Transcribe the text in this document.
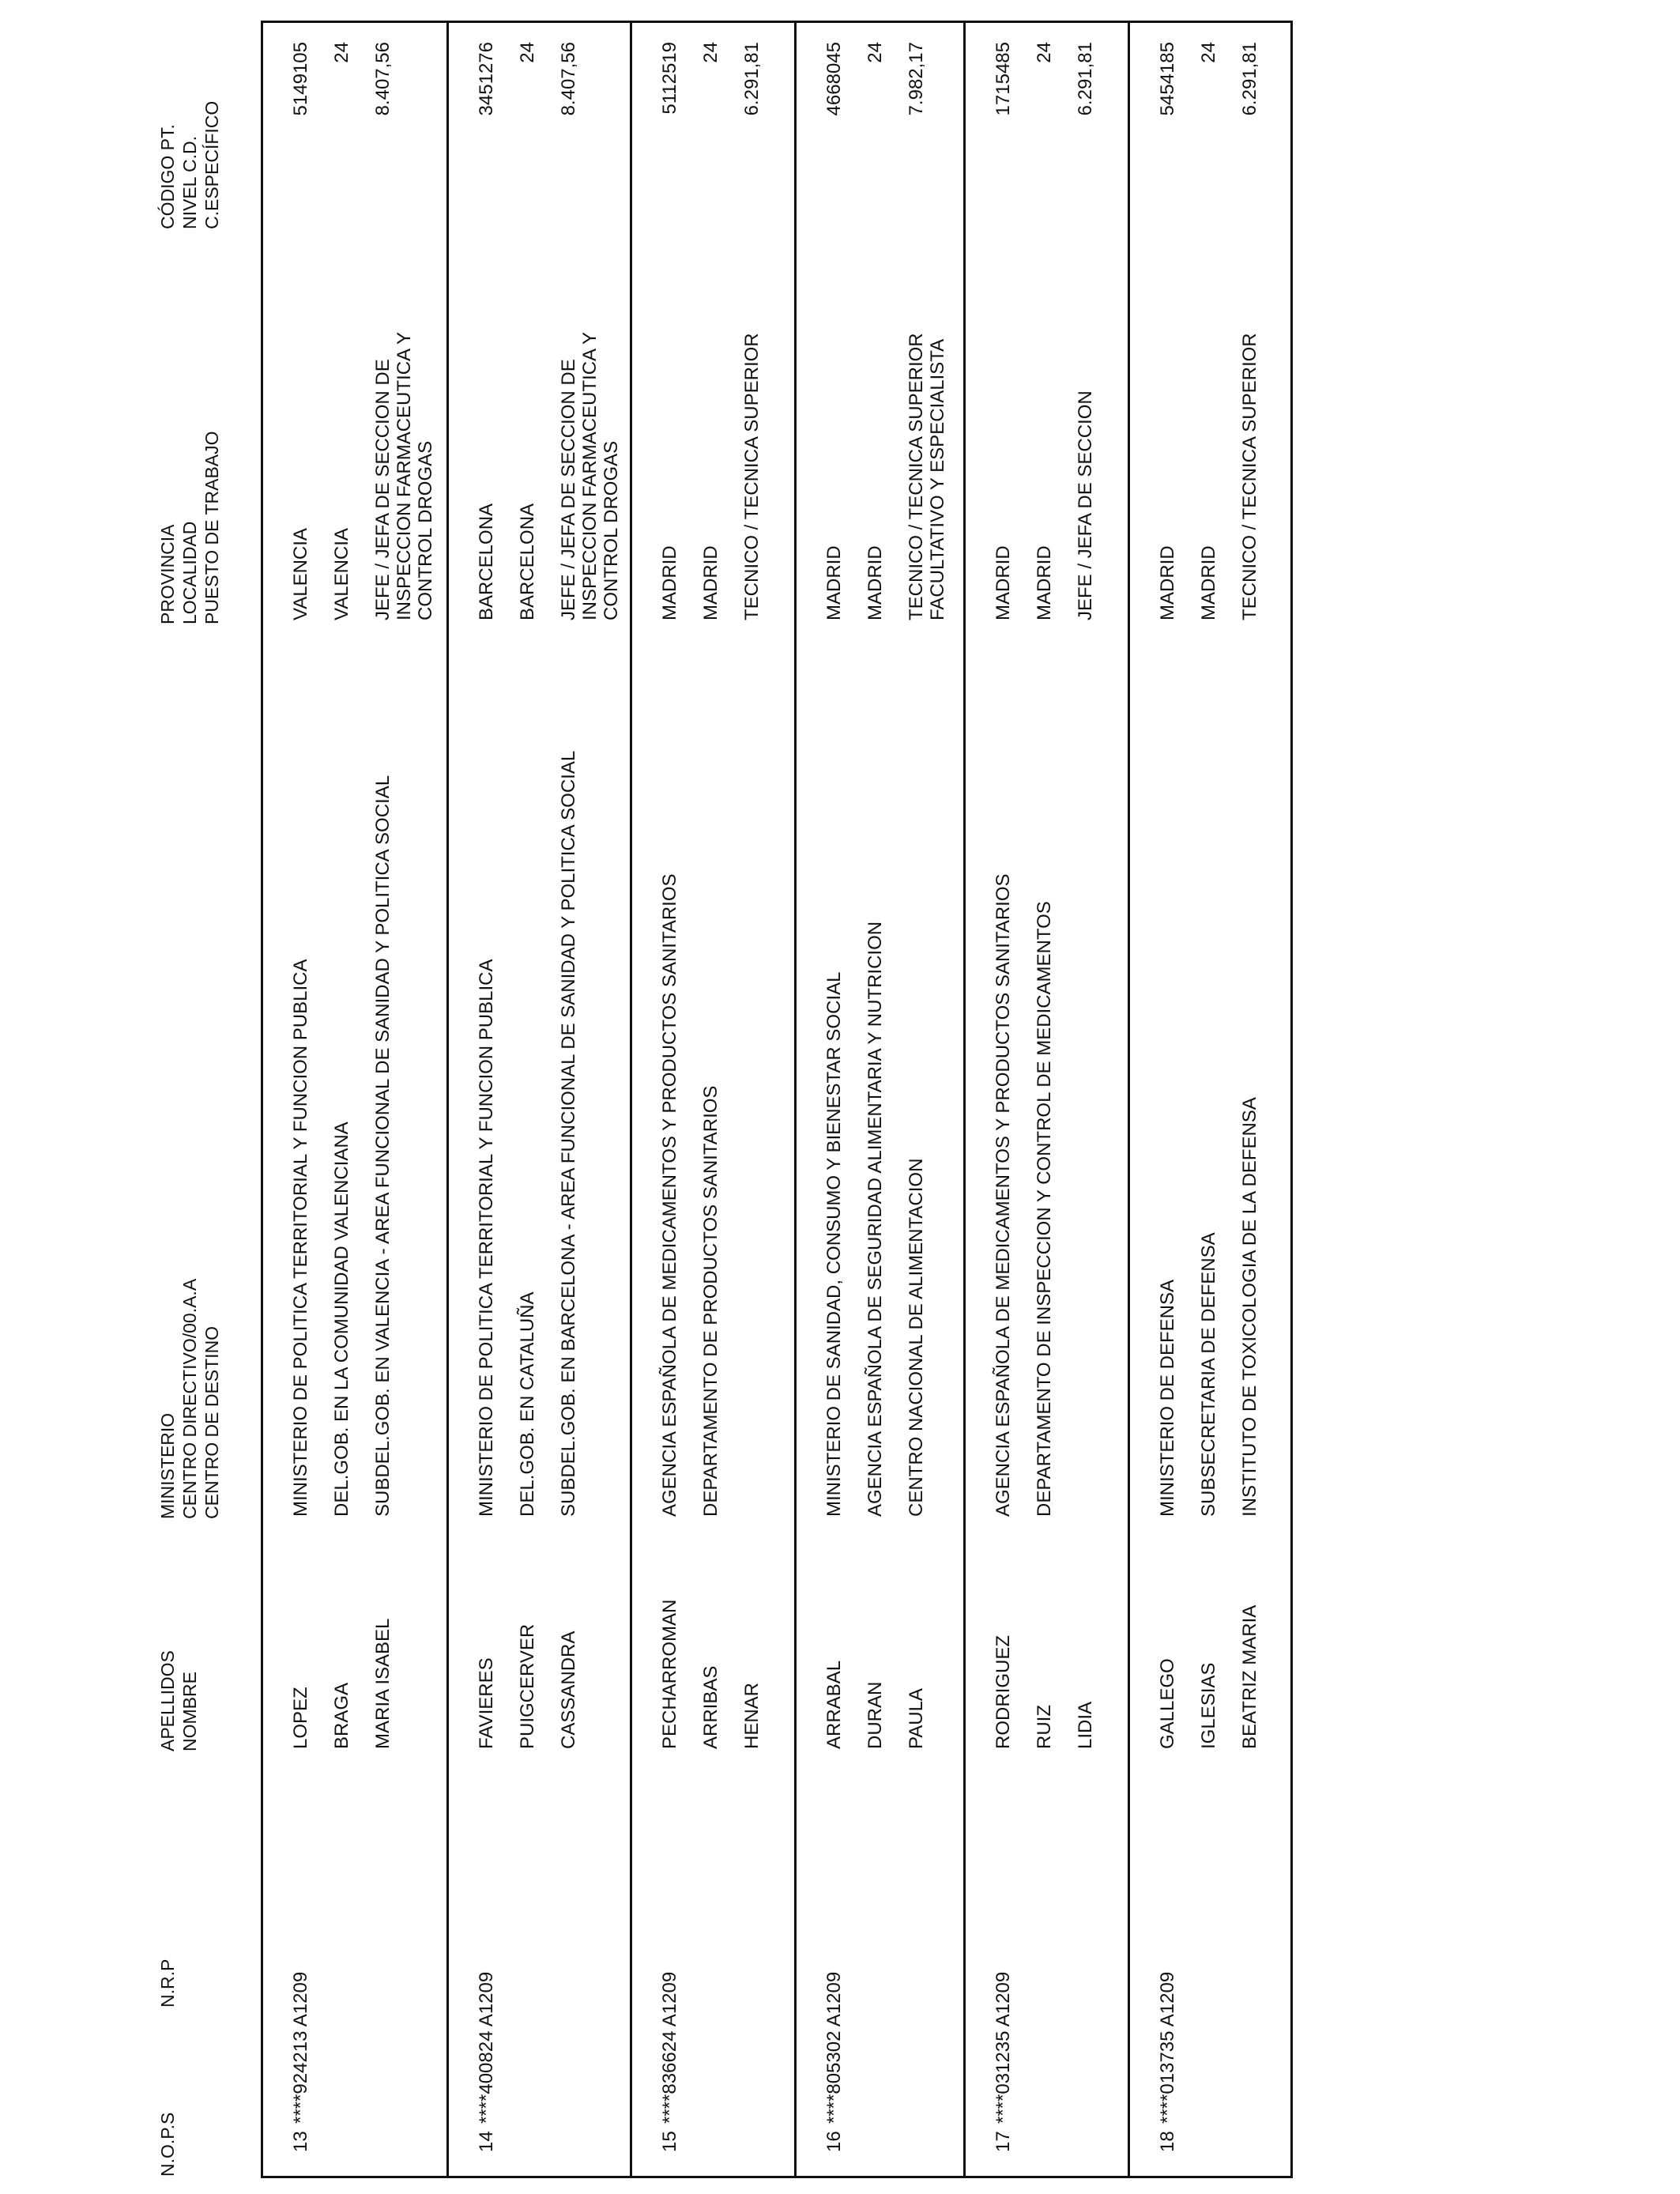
N.O.P.S
N.R.P
APELLIDOS NOMBRE
MINISTERIO CENTRO DIRECTIVO/00.A.A CENTRO DE DESTINO
PROVINCIA LOCALIDAD PUESTO DE TRABAJO
CÓDIGO PT. NIVEL C.D. C.ESPECÍFICO
13
****924213 A1209
LOPEZ BRAGA MARIA ISABEL
MINISTERIO DE POLITICA TERRITORIAL Y FUNCION PUBLICA DEL.GOB. EN LA COMUNIDAD VALENCIANA SUBDEL.GOB. EN VALENCIA - AREA FUNCIONAL DE SANIDAD Y POLITICA SOCIAL
VALENCIA VALENCIA JEFE / JEFA DE SECCION DE INSPECCION FARMACEUTICA Y CONTROL DROGAS
5149105 24 8.407,56
14
****400824 A1209
FAVIERES PUIGCERVER CASSANDRA
MINISTERIO DE POLITICA TERRITORIAL Y FUNCION PUBLICA DEL.GOB. EN CATALUÑA SUBDEL.GOB. EN BARCELONA - AREA FUNCIONAL DE SANIDAD Y POLITICA SOCIAL
BARCELONA BARCELONA JEFE / JEFA DE SECCION DE INSPECCION FARMACEUTICA Y CONTROL DROGAS
3451276 24 8.407,56
15
****836624 A1209
PECHARROMAN ARRIBAS HENAR
AGENCIA ESPAÑOLA DE MEDICAMENTOS Y PRODUCTOS SANITARIOS DEPARTAMENTO DE PRODUCTOS SANITARIOS
MADRID MADRID TECNICO / TECNICA SUPERIOR
5112519 24 6.291,81
16
****805302 A1209
ARRABAL DURAN PAULA
MINISTERIO DE SANIDAD, CONSUMO Y BIENESTAR SOCIAL AGENCIA ESPAÑOLA DE SEGURIDAD ALIMENTARIA Y NUTRICION CENTRO NACIONAL DE ALIMENTACION
MADRID MADRID TECNICO / TECNICA SUPERIOR FACULTATIVO Y ESPECIALISTA
4668045 24 7.982,17
17
****031235 A1209
RODRIGUEZ RUIZ LIDIA
AGENCIA ESPAÑOLA DE MEDICAMENTOS Y PRODUCTOS SANITARIOS DEPARTAMENTO DE INSPECCION Y CONTROL DE MEDICAMENTOS
MADRID MADRID JEFE / JEFA DE SECCION
1715485 24 6.291,81
18
****013735 A1209
GALLEGO IGLESIAS BEATRIZ MARIA
MINISTERIO DE DEFENSA SUBSECRETARIA DE DEFENSA INSTITUTO DE TOXICOLOGIA DE LA DEFENSA
MADRID MADRID TECNICO / TECNICA SUPERIOR
5454185 24 6.291,81
